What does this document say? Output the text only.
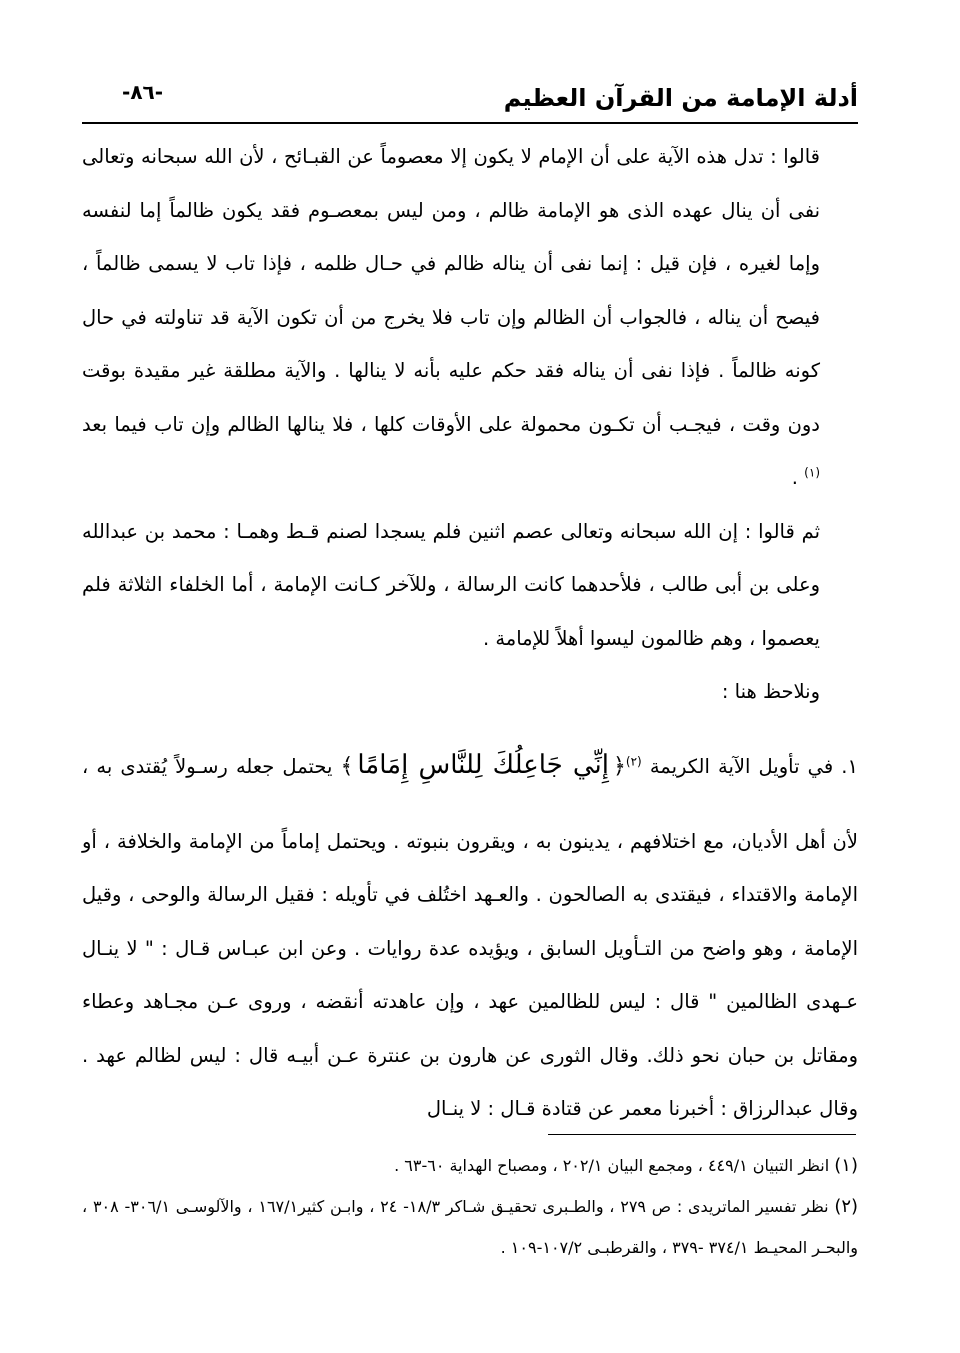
أدلة الإمامة من القرآن العظيم
-٨٦-

قالوا : تدل هذه الآية على أن الإمام لا يكون إلا معصوماً عن القبـائح ، لأن الله سبحانه وتعالى نفى أن ينال عهده الذى هو الإمامة ظالم ، ومن ليس بمعصـوم فقد يكون ظالماً إما لنفسه وإما لغيره ، فإن قيل : إنما نفى أن يناله ظالم في حـال ظلمه ، فإذا تاب لا يسمى ظالماً ، فيصح أن يناله ، فالجواب أن الظالم وإن تاب فلا يخرج من أن تكون الآية قد تناولته في حال كونه ظالماً . فإذا نفى أن يناله فقد حكم عليه بأنه لا ينالها . والآية مطلقة غير مقيدة بوقت دون وقت ، فيجـب أن تكـون محمولة على الأوقات كلها ، فلا ينالها الظالم وإن تاب فيما بعد $^{(١)}$ .

ثم قالوا : إن الله سبحانه وتعالى عصم اثنين فلم يسجدا لصنم قـط وهمـا : محمد بن عبدالله وعلى بن أبى طالب ، فلأحدهما كانت الرسالة ، وللآخر كـانت الإمامة ، أما الخلفاء الثلاثة فلم يعصموا ، وهم ظالمون ليسوا أهلاً للإمامة .

ونلاحظ هنا :

١. في تأويل الآية الكريمة $^{(٢)}$﴿إِنِّي جَاعِلُكَ لِلنَّاسِ إِمَامًا﴾ يحتمل جعله رسـولاً يُقتدى به ، لأن أهل الأديان، مع اختلافهم ، يدينون به ، ويقرون بنبوته . ويحتمل إماماً من الإمامة والخلافة ، أو الإمامة والاقتداء ، فيقتدى به الصالحون . والعـهد اختُلف في تأويله : فقيل الرسالة والوحى ، وقيل الإمامة ، وهو واضح من التـأويل السابق ، ويؤيده عدة روايات . وعن ابن عبـاس قـال : " لا ينـال عـهدى الظالمين " قال : ليس للظالمين عهد ، وإن عاهدته أنقضه ، وروى عـن مجـاهد وعطاء ومقاتل بن حبان نحو ذلك. وقال الثورى عن هارون بن عنترة عـن أبيـه قال : ليس لظالم عهد . وقال عبدالرزاق : أخبرنا معمر عن قتادة قـال : لا ينـال

(١) انظر التبيان ٤٤٩/١ ، ومجمع البيان ٢٠٢/١ ، ومصباح الهداية ٦٠-٦٣ .

(٢) نظر تفسير الماتريدى : ص ٢٧٩ ، والطـبرى تحقيـق شـاكر ١٨/٣- ٢٤ ، وابـن كثير١٦٧/١ ، والآلوسـى ٣٠٦/١- ٣٠٨ ، والبحـر المحيـط ٣٧٤/١ -٣٧٩ ، والقرطبـى ١٠٧/٢-١٠٩ .
